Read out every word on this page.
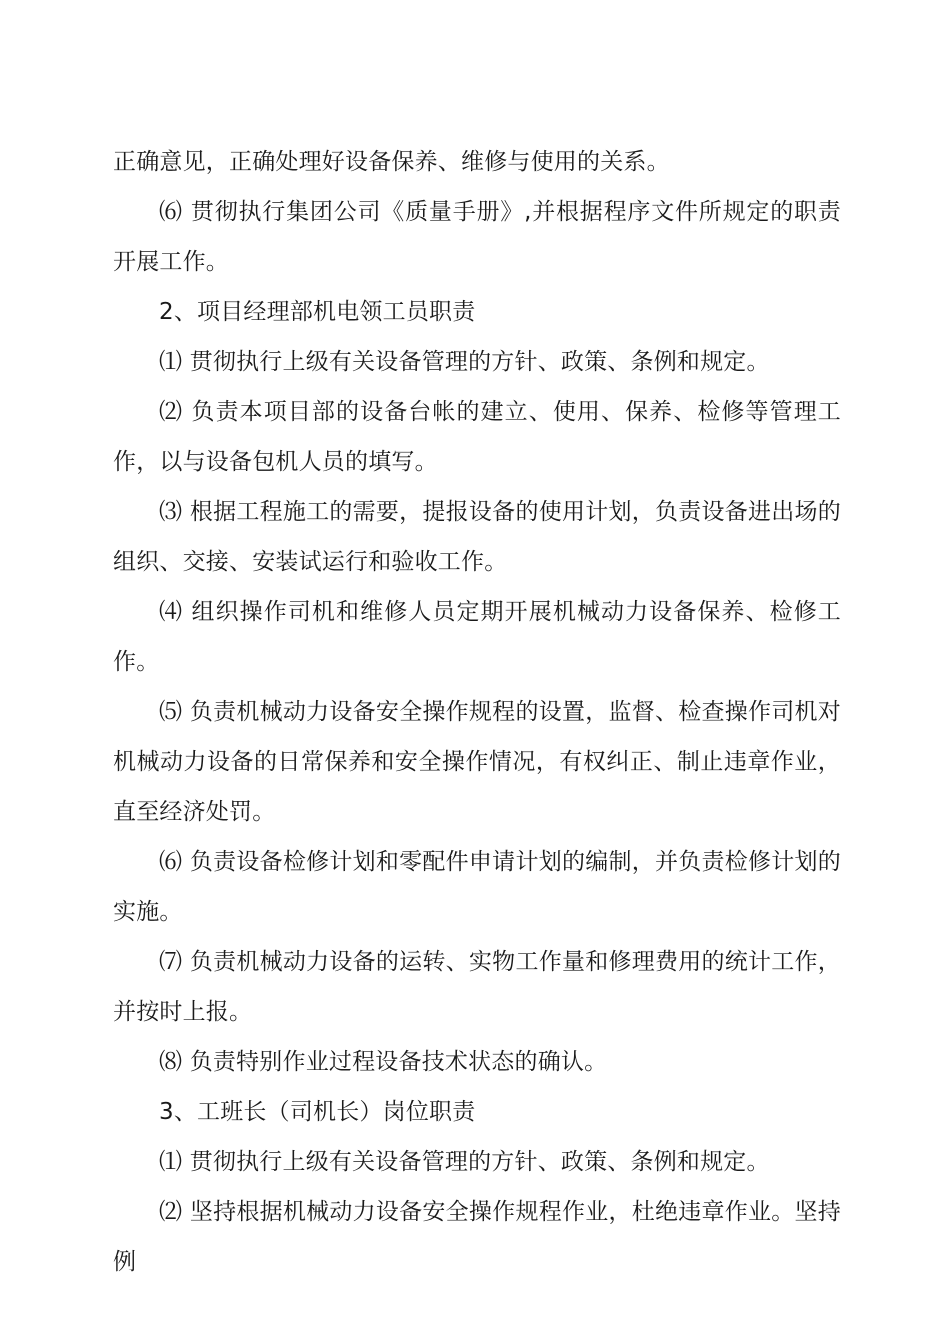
正确意见，正确处理好设备保养、维修与使用的关系。

⑹ 贯彻执行集团公司《质量手册》,并根据程序文件所规定的职责开展工作。

2、项目经理部机电领工员职责

⑴ 贯彻执行上级有关设备管理的方针、政策、条例和规定。

⑵ 负责本项目部的设备台帐的建立、使用、保养、检修等管理工作，以与设备包机人员的填写。

⑶ 根据工程施工的需要，提报设备的使用计划，负责设备进出场的组织、交接、安装试运行和验收工作。

⑷ 组织操作司机和维修人员定期开展机械动力设备保养、检修工作。

⑸ 负责机械动力设备安全操作规程的设置，监督、检查操作司机对机械动力设备的日常保养和安全操作情况，有权纠正、制止违章作业，直至经济处罚。

⑹ 负责设备检修计划和零配件申请计划的编制，并负责检修计划的实施。

⑺ 负责机械动力设备的运转、实物工作量和修理费用的统计工作，并按时上报。

⑻ 负责特别作业过程设备技术状态的确认。

3、工班长（司机长）岗位职责

⑴ 贯彻执行上级有关设备管理的方针、政策、条例和规定。

⑵ 坚持根据机械动力设备安全操作规程作业，杜绝违章作业。坚持例
